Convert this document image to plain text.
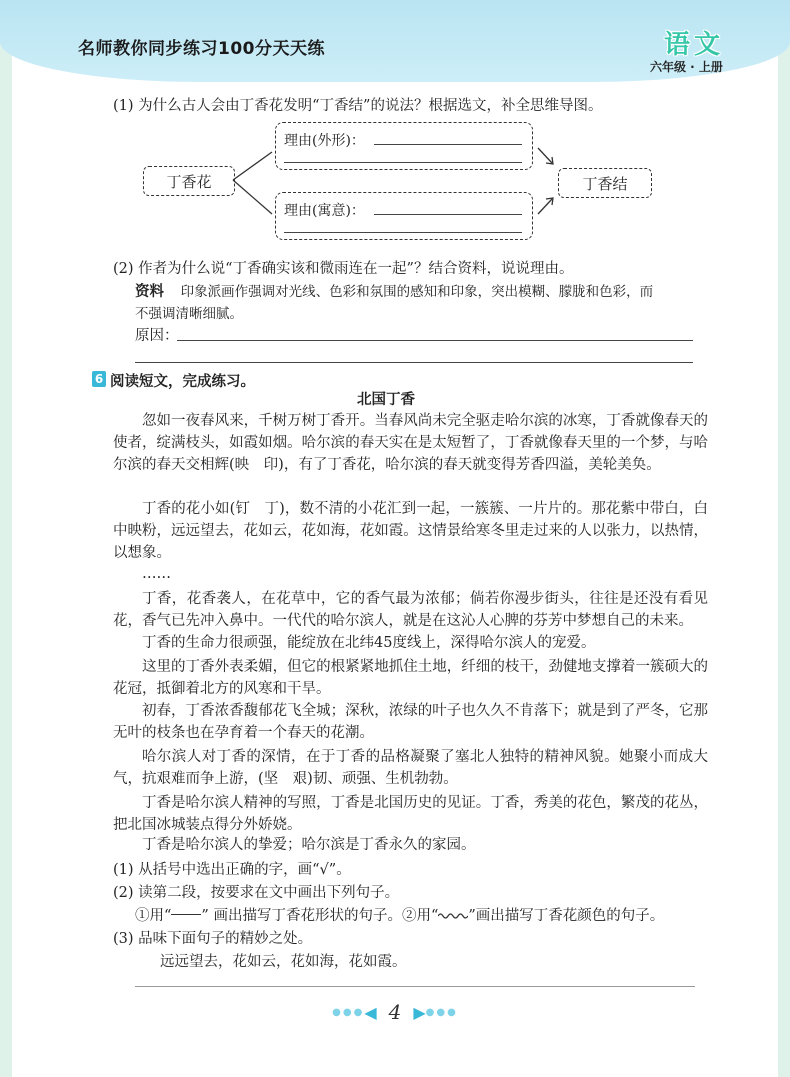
名师教你同步练习100分天天练	语文
六年级 · 上册
(1) 为什么古人会由丁香花发明“丁香结”的说法？根据选文，补全思维导图。
丁香花
理由(外形)：
理由(寓意)：
丁香结
(2) 作者为什么说“丁香确实该和微雨连在一起”？结合资料，说说理由。
资料 印象派画作强调对光线、色彩和氛围的感知和印象，突出模糊、朦胧和色彩，而
不强调清晰细腻。
原因：
6 阅读短文，完成练习。
北国丁香
忽如一夜春风来，千树万树丁香开。当春风尚未完全驱走哈尔滨的冰寒，丁香就像春天的使者，绽满枝头，如霞如烟。哈尔滨的春天实在是太短暂了，丁香就像春天里的一个梦，与哈尔滨的春天交相辉(映　印)，有了丁香花，哈尔滨的春天就变得芳香四溢，美轮美奂。
丁香的花小如(钉　丁)，数不清的小花汇到一起，一簇簇、一片片的。那花紫中带白，白中映粉，远远望去，花如云，花如海，花如霞。这情景给寒冬里走过来的人以张力，以热情，以想象。
……
丁香，花香袭人，在花草中，它的香气最为浓郁；倘若你漫步街头，往往是还没有看见花，香气已先冲入鼻中。一代代的哈尔滨人，就是在这沁人心脾的芬芳中梦想自己的未来。
丁香的生命力很顽强，能绽放在北纬45度线上，深得哈尔滨人的宠爱。
这里的丁香外表柔媚，但它的根紧紧地抓住土地，纤细的枝干，劲健地支撑着一簇硕大的花冠，抵御着北方的风寒和干旱。
初春，丁香浓香馥郁花飞全城；深秋，浓绿的叶子也久久不肯落下；就是到了严冬，它那无叶的枝条也在孕育着一个春天的花潮。
哈尔滨人对丁香的深情，在于丁香的品格凝聚了塞北人独特的精神风貌。她聚小而成大气，抗艰难而争上游，(坚　艰)韧、顽强、生机勃勃。
丁香是哈尔滨人精神的写照，丁香是北国历史的见证。丁香，秀美的花色，繁茂的花丛，把北国冰城装点得分外娇娆。
丁香是哈尔滨人的挚爱；哈尔滨是丁香永久的家园。
(1) 从括号中选出正确的字，画“√”。
(2) 读第二段，按要求在文中画出下列句子。
①用“ ” 画出描写丁香花形状的句子。②用“ ”画出描写丁香花颜色的句子。
(3) 品味下面句子的精妙之处。
远远望去，花如云，花如海，花如霞。
●●● ◀ 4 ▶ ●●●
